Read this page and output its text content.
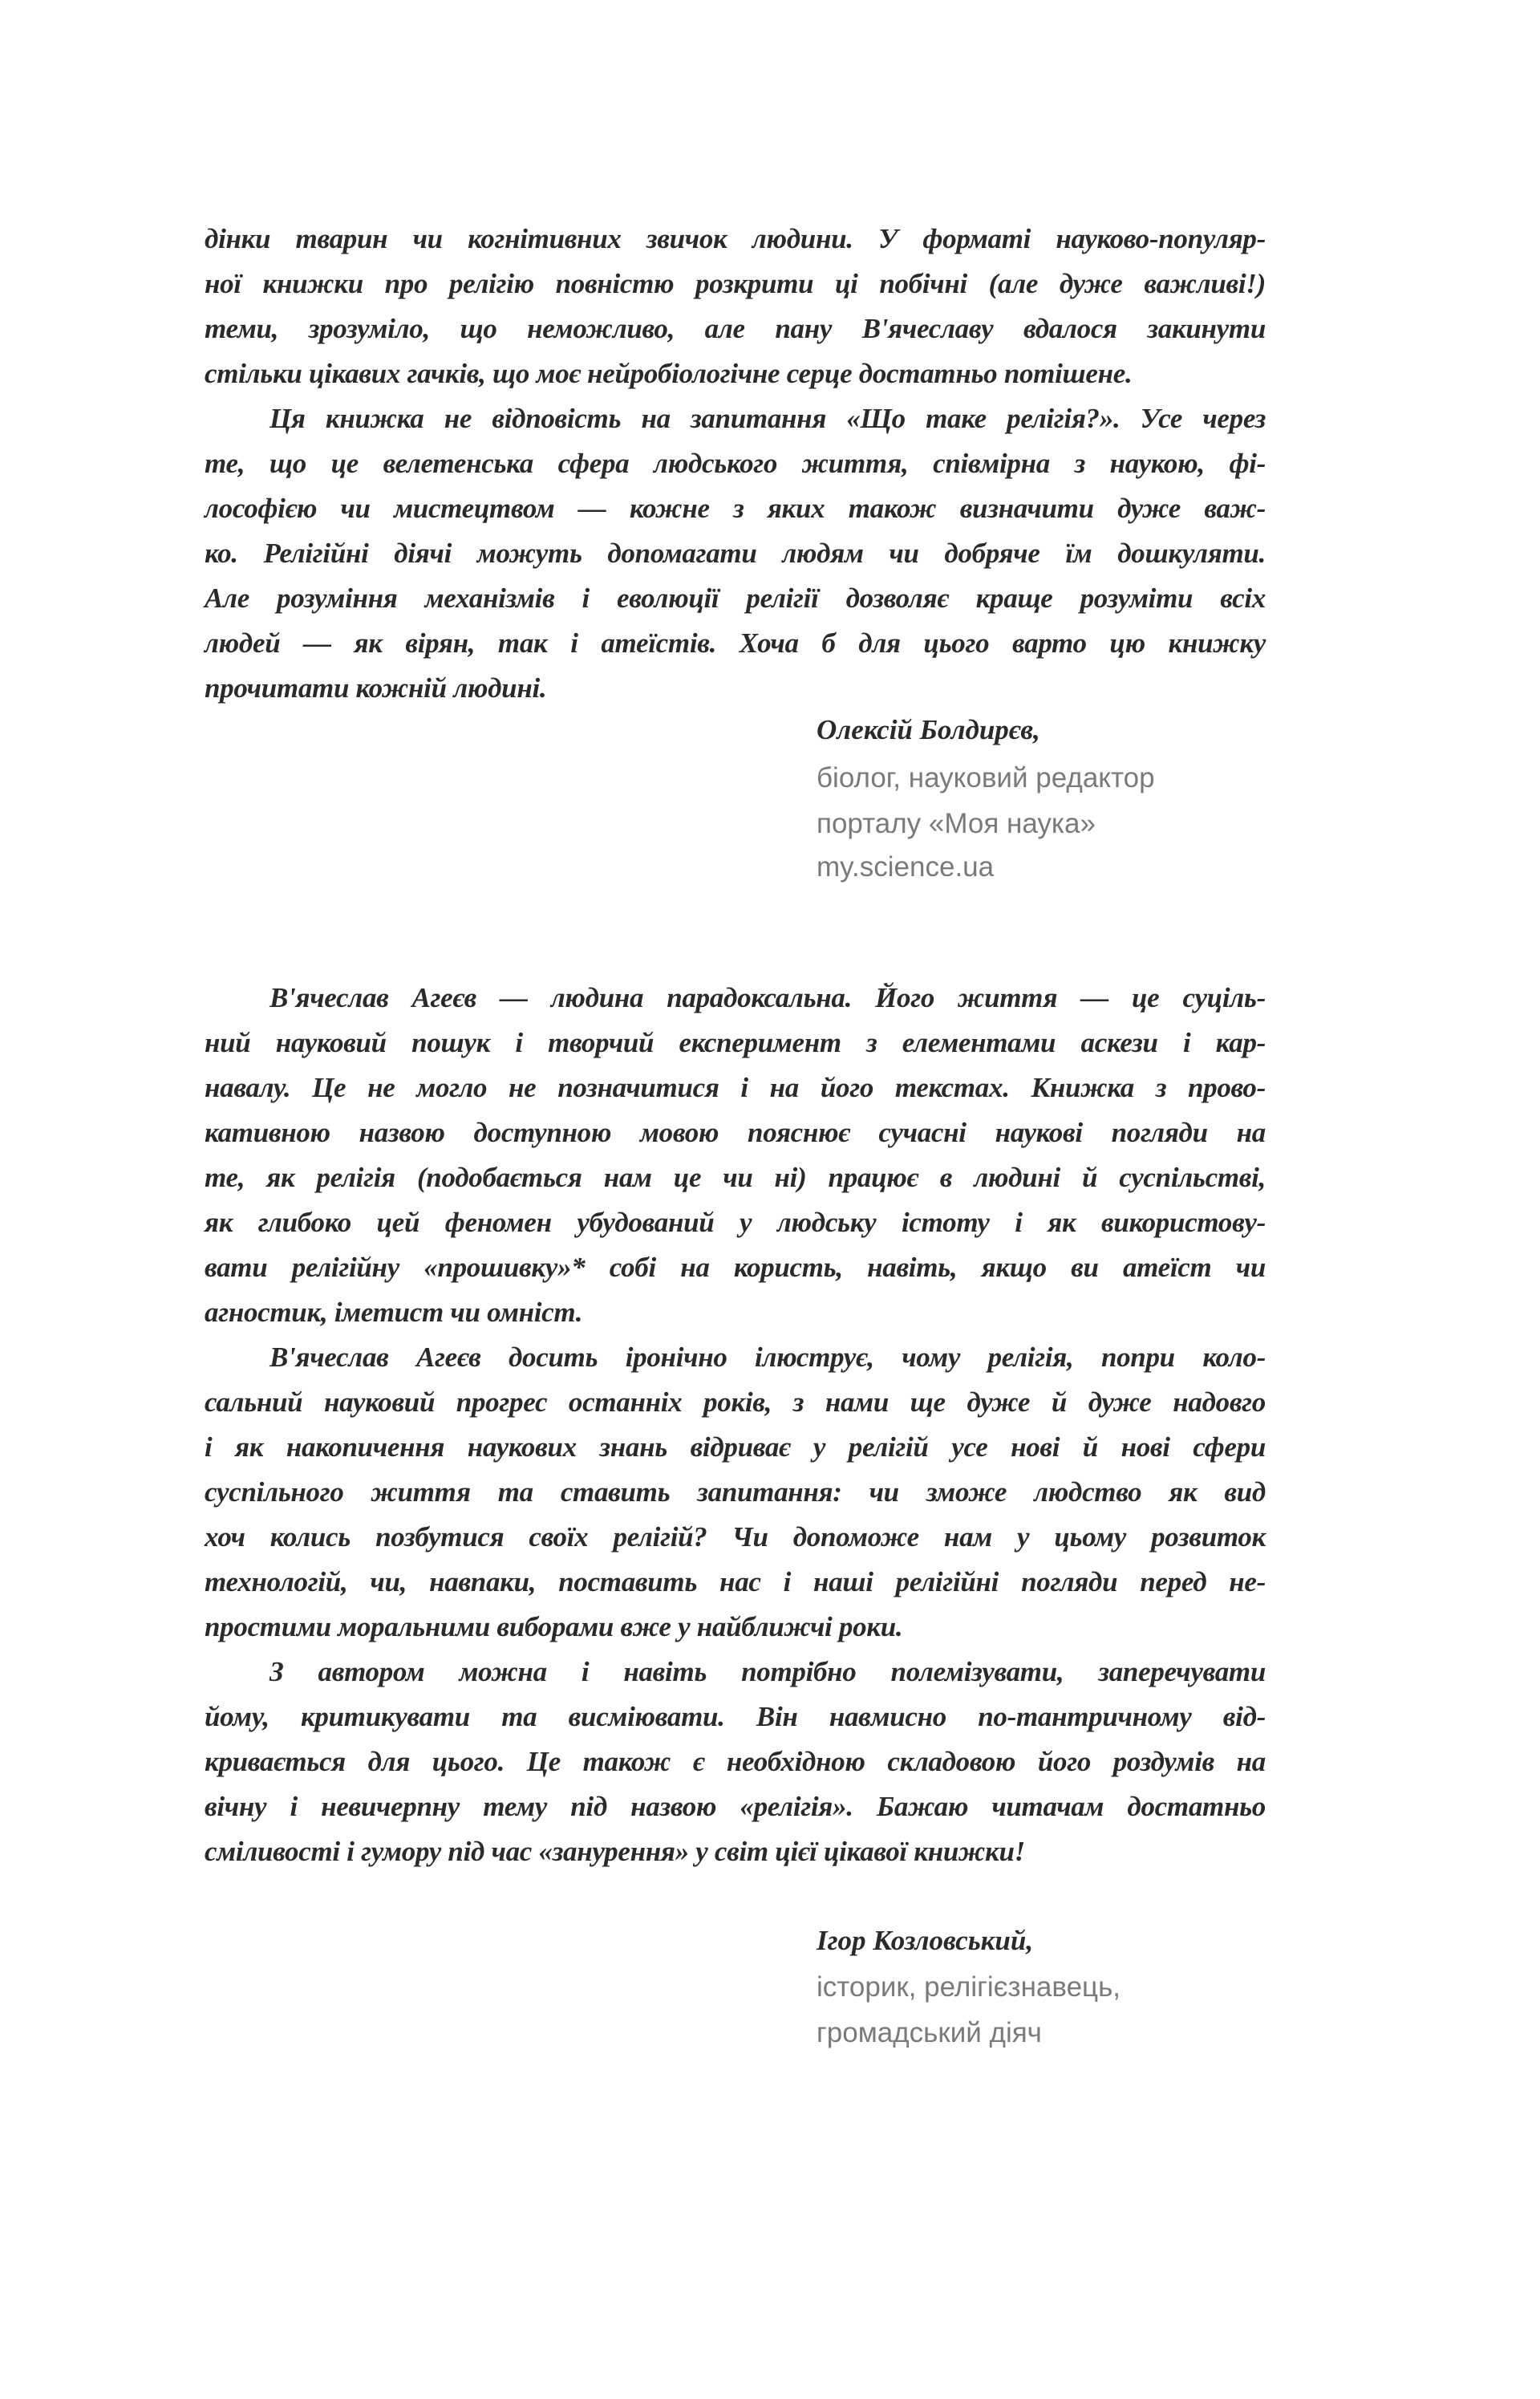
дінки тварин чи когнітивних звичок людини. У форматі науково-популяр-
ної книжки про релігію повністю розкрити ці побічні (але дуже важливі!)
теми, зрозуміло, що неможливо, але пану В'ячеславу вдалося закинути
стільки цікавих гачків, що моє нейробіологічне серце достатньо потішене.
Ця книжка не відповість на запитання «Що таке релігія?». Усе через
те, що це велетенська сфера людського життя, співмірна з наукою, фі-
лософією чи мистецтвом — кожне з яких також визначити дуже важ-
ко. Релігійні діячі можуть допомагати людям чи добряче їм дошкуляти.
Але розуміння механізмів і еволюції релігії дозволяє краще розуміти всіх
людей — як вірян, так і атеїстів. Хоча б для цього варто цю книжку
прочитати кожній людині.
Олексій Болдирєв,
біолог, науковий редактор
порталу «Моя наука»
my.science.ua
В'ячеслав Агеєв — людина парадоксальна. Його життя — це суціль-
ний науковий пошук і творчий експеримент з елементами аскези і кар-
навалу. Це не могло не позначитися і на його текстах. Книжка з прово-
кативною назвою доступною мовою пояснює сучасні наукові погляди на
те, як релігія (подобається нам це чи ні) працює в людині й суспільстві,
як глибоко цей феномен убудований у людську істоту і як використову-
вати релігійну «прошивку»* собі на користь, навіть, якщо ви атеїст чи
агностик, іметист чи омніст.
В'ячеслав Агеєв досить іронічно ілюструє, чому релігія, попри коло-
сальний науковий прогрес останніх років, з нами ще дуже й дуже надовго
і як накопичення наукових знань відриває у релігій усе нові й нові сфери
суспільного життя та ставить запитання: чи зможе людство як вид
хоч колись позбутися своїх релігій? Чи допоможе нам у цьому розвиток
технологій, чи, навпаки, поставить нас і наші релігійні погляди перед не-
простими моральними виборами вже у найближчі роки.
З автором можна і навіть потрібно полемізувати, заперечувати
йому, критикувати та висміювати. Він навмисно по-тантричному від-
кривається для цього. Це також є необхідною складовою його роздумів на
вічну і невичерпну тему під назвою «релігія». Бажаю читачам достатньо
сміливості і гумору під час «занурення» у світ цієї цікавої книжки!
Ігор Козловський,
історик, релігієзнавець,
громадський діяч
